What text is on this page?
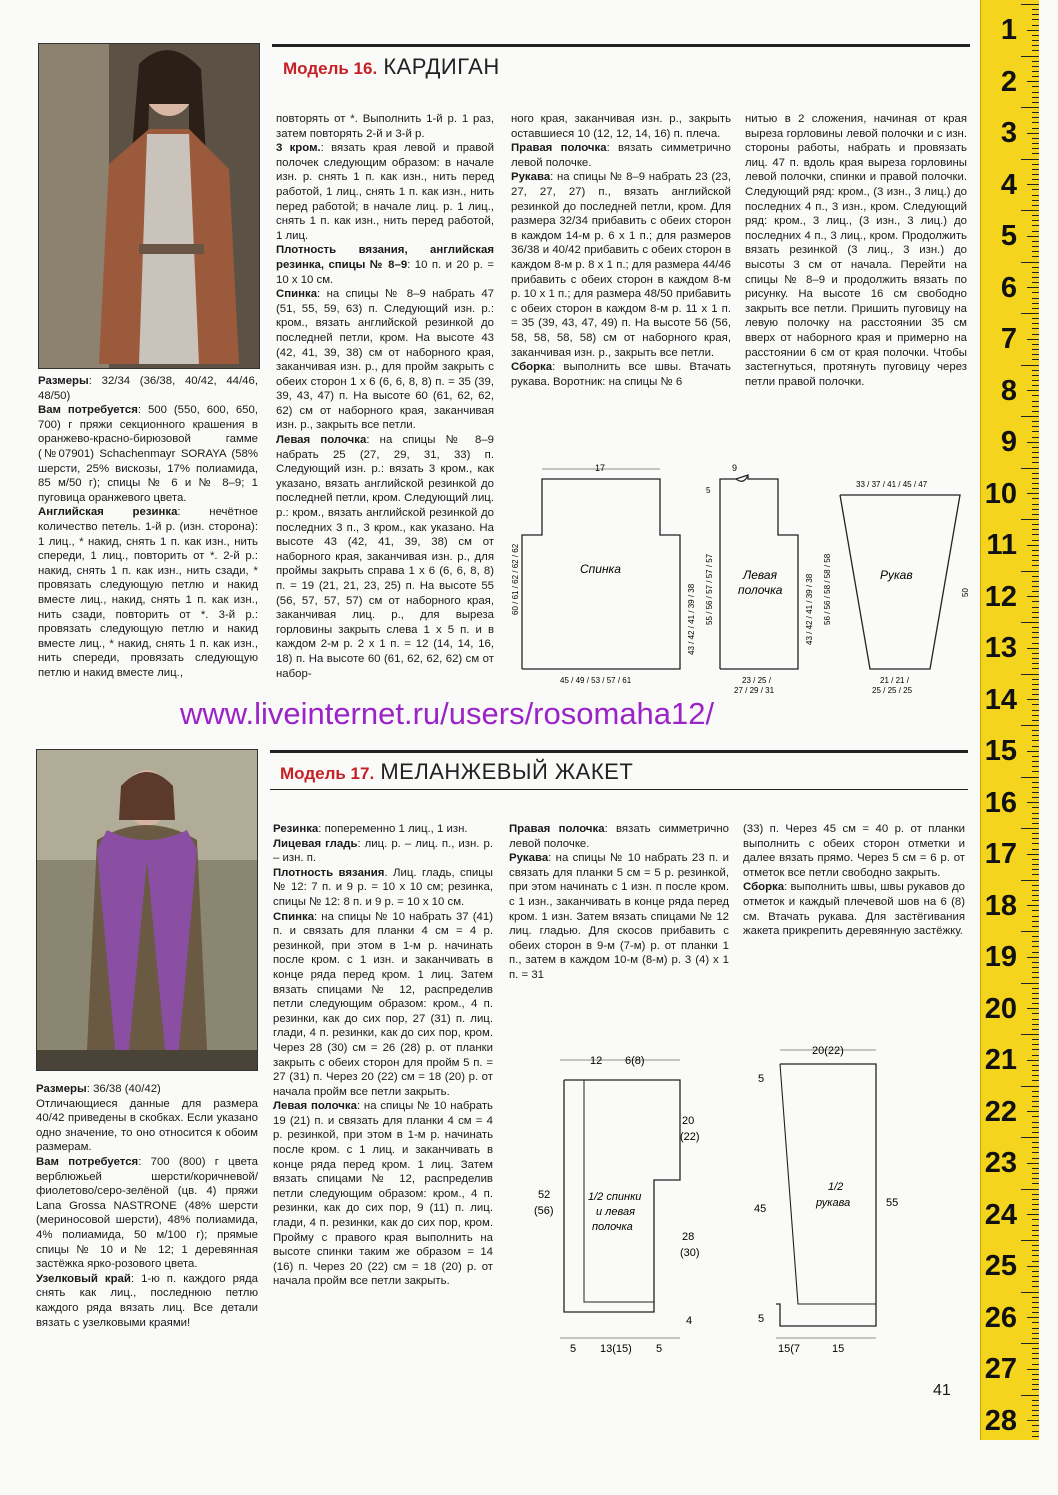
1
2
3
4
5
6
7
8
9
10
11
12
13
14
15
16
17
18
19
20
21
22
23
24
25
26
27
28
Модель 16. КАРДИГАН

Размеры: 32/34 (36/38, 40/42, 44/46, 48/50)

Вам потребуется: 500 (550, 600, 650, 700) г пряжи секционного крашения в оранжево-красно-бирюзовой гамме (№07901) Schachenmayr SORAYA (58% шерсти, 25% вискозы, 17% полиамида, 85 м/50 г); спицы № 6 и № 8–9; 1 пуговица оранжевого цвета.

Английская резинка: нечётное количество петель. 1-й р. (изн. сторона): 1 лиц., * накид, снять 1 п. как изн., нить спереди, 1 лиц., повторить от *. 2-й р.: накид, снять 1 п. как изн., нить сзади, * провязать следующую петлю и накид вместе лиц., накид, снять 1 п. как изн., нить сзади, повторить от *. 3-й р.: провязать следующую петлю и накид вместе лиц., * накид, снять 1 п. как изн., нить спереди, провязать следующую петлю и накид вместе лиц.,

повторять от *. Выполнить 1-й р. 1 раз, затем повторять 2-й и 3-й р.

3 кром.: вязать края левой и правой полочек следующим образом: в начале изн. р. снять 1 п. как изн., нить перед работой, 1 лиц., снять 1 п. как изн., нить перед работой; в начале лиц. р. 1 лиц., снять 1 п. как изн., нить перед работой, 1 лиц.

Плотность вязания, английская резинка, спицы № 8–9: 10 п. и 20 р. = 10 х 10 см.

Спинка: на спицы № 8–9 набрать 47 (51, 55, 59, 63) п. Следующий изн. р.: кром., вязать английской резинкой до последней петли, кром. На высоте 43 (42, 41, 39, 38) см от наборного края, заканчивая изн. р., для пройм закрыть с обеих сторон 1 х 6 (6, 6, 8, 8) п. = 35 (39, 39, 43, 47) п. На высоте 60 (61, 62, 62, 62) см от наборного края, заканчивая изн. р., закрыть все петли.

Левая полочка: на спицы № 8–9 набрать 25 (27, 29, 31, 33) п. Следующий изн. р.: вязать 3 кром., как указано, вязать английской резинкой до последней петли, кром. Следующий лиц. р.: кром., вязать английской резинкой до последних 3 п., 3 кром., как указано. На высоте 43 (42, 41, 39, 38) см от наборного края, заканчивая изн. р., для проймы закрыть справа 1 х 6 (6, 6, 8, 8) п. = 19 (21, 21, 23, 25) п. На высоте 55 (56, 57, 57, 57) см от наборного края, заканчивая лиц. р., для выреза горловины закрыть слева 1 х 5 п. и в каждом 2-м р. 2 х 1 п. = 12 (14, 14, 16, 18) п. На высоте 60 (61, 62, 62, 62) см от набор-

ного края, заканчивая изн. р., закрыть оставшиеся 10 (12, 12, 14, 16) п. плеча.

Правая полочка: вязать симметрично левой полочке.

Рукава: на спицы № 8–9 набрать 23 (23, 27, 27, 27) п., вязать английской резинкой до последней петли, кром. Для размера 32/34 прибавить с обеих сторон в каждом 14-м р. 6 х 1 п.; для размеров 36/38 и 40/42 прибавить с обеих сторон в каждом 8-м р. 8 х 1 п.; для размера 44/46 прибавить с обеих сторон в каждом 8-м р. 10 х 1 п.; для размера 48/50 прибавить с обеих сторон в каждом 8-м р. 11 х 1 п. = 35 (39, 43, 47, 49) п. На высоте 56 (56, 58, 58, 58, 58) см от наборного края, заканчивая изн. р., закрыть все петли.

Сборка: выполнить все швы. Втачать рукава. Воротник: на спицы № 6

нитью в 2 сложения, начиная от края выреза горловины левой полочки и с изн. стороны работы, набрать и провязать лиц. 47 п. вдоль края выреза горловины левой полочки, спинки и правой полочки. Следующий ряд: кром., (3 изн., 3 лиц.) до последних 4 п., 3 изн., кром. Следующий ряд: кром., 3 лиц., (3 изн., 3 лиц.) до последних 4 п., 3 лиц., кром. Продолжить вязать резинкой (3 лиц., 3 изн.) до высоты 3 см от начала. Перейти на спицы № 8–9 и продолжить вязать по рисунку. На высоте 16 см свободно закрыть все петли. Пришить пуговицу на левую полочку на расстоянии 35 см вверх от наборного края и примерно на расстоянии 6 см от края полочки. Чтобы застегнуться, протянуть пуговицу через петли правой полочки.

Спинка
17
60 / 61 / 62 / 62 / 62
43 / 42 / 41 / 39 / 38
45 / 49 / 53 / 57 / 61
Левая
полочка
9
5
55 / 56 / 57 / 57 / 57	43 / 42 / 41 / 39 / 38 56 / 56 / 58 / 58 / 58
23 / 25 /
27 / 29 / 31
Рукав
33 / 37 / 41 / 45 / 47
50
21 / 21 /
25 / 25 / 25
www.liveinternet.ru/users/rosomaha12/
Модель 17. МЕЛАНЖЕВЫЙ ЖАКЕТ

Размеры: 36/38 (40/42)

Отличающиеся данные для размера 40/42 приведены в скобках. Если указано одно значение, то оно относится к обоим размерам.

Вам потребуется: 700 (800) г цвета верблюжьей шерсти/коричневой/фиолетово/серо-зелёной (цв. 4) пряжи Lana Grossa NASTRONE (48% шерсти (мериносовой шерсти), 48% полиамида, 4% полиамида, 50 м/100 г); прямые спицы № 10 и № 12; 1 деревянная застёжка ярко-розового цвета.

Узелковый край: 1-ю п. каждого ряда снять как лиц., последнюю петлю каждого ряда вязать лиц. Все детали вязать с узелковыми краями!

Резинка: попеременно 1 лиц., 1 изн.

Лицевая гладь: лиц. р. – лиц. п., изн. р. – изн. п.

Плотность вязания. Лиц. гладь, спицы № 12: 7 п. и 9 р. = 10 х 10 см; резинка, спицы № 12: 8 п. и 9 р. = 10 х 10 см.

Спинка: на спицы № 10 набрать 37 (41) п. и связать для планки 4 см = 4 р. резинкой, при этом в 1-м р. начинать после кром. с 1 изн. и заканчивать в конце ряда перед кром. 1 лиц. Затем вязать спицами № 12, распределив петли следующим образом: кром., 4 п. резинки, как до сих пор, 27 (31) п. лиц. глади, 4 п. резинки, как до сих пор, кром. Через 28 (30) см = 26 (28) р. от планки закрыть с обеих сторон для пройм 5 п. = 27 (31) п. Через 20 (22) см = 18 (20) р. от начала пройм все петли закрыть.

Левая полочка: на спицы № 10 набрать 19 (21) п. и связать для планки 4 см = 4 р. резинкой, при этом в 1-м р. начинать после кром. с 1 лиц. и заканчивать в конце ряда перед кром. 1 лиц. Затем вязать спицами № 12, распределив петли следующим образом: кром., 4 п. резинки, как до сих пор, 9 (11) п. лиц. глади, 4 п. резинки, как до сих пор, кром. Пройму с правого края выполнить на высоте спинки таким же образом = 14 (16) п. Через 20 (22) см = 18 (20) р. от начала пройм все петли закрыть.

Правая полочка: вязать симметрично левой полочке.

Рукава: на спицы № 10 набрать 23 п. и связать для планки 5 см = 5 р. резинкой, при этом начинать с 1 изн. п после кром. с 1 изн., заканчивать в конце ряда перед кром. 1 изн. Затем вязать спицами № 12 лиц. гладью. Для скосов прибавить с обеих сторон в 9-м (7-м) р. от планки 1 п., затем в каждом 10-м (8-м) р. 3 (4) х 1 п. = 31

(33) п. Через 45 см = 40 р. от планки выполнить с обеих сторон отметки и далее вязать прямо. Через 5 см = 6 р. от отметок все петли свободно закрыть.

Сборка: выполнить швы, швы рукавов до отметок и каждый плечевой шов на 6 (8) см. Втачать рукава. Для застёгивания жакета прикрепить деревянную застёжку.

12 6(8)
1/2 спинки
и левая
полочка
20
(22)
28
(30)
4
52
(56)
5 13(15) 5
20(22)
1/2
рукава
5
45	55
5
15(7	15
41
